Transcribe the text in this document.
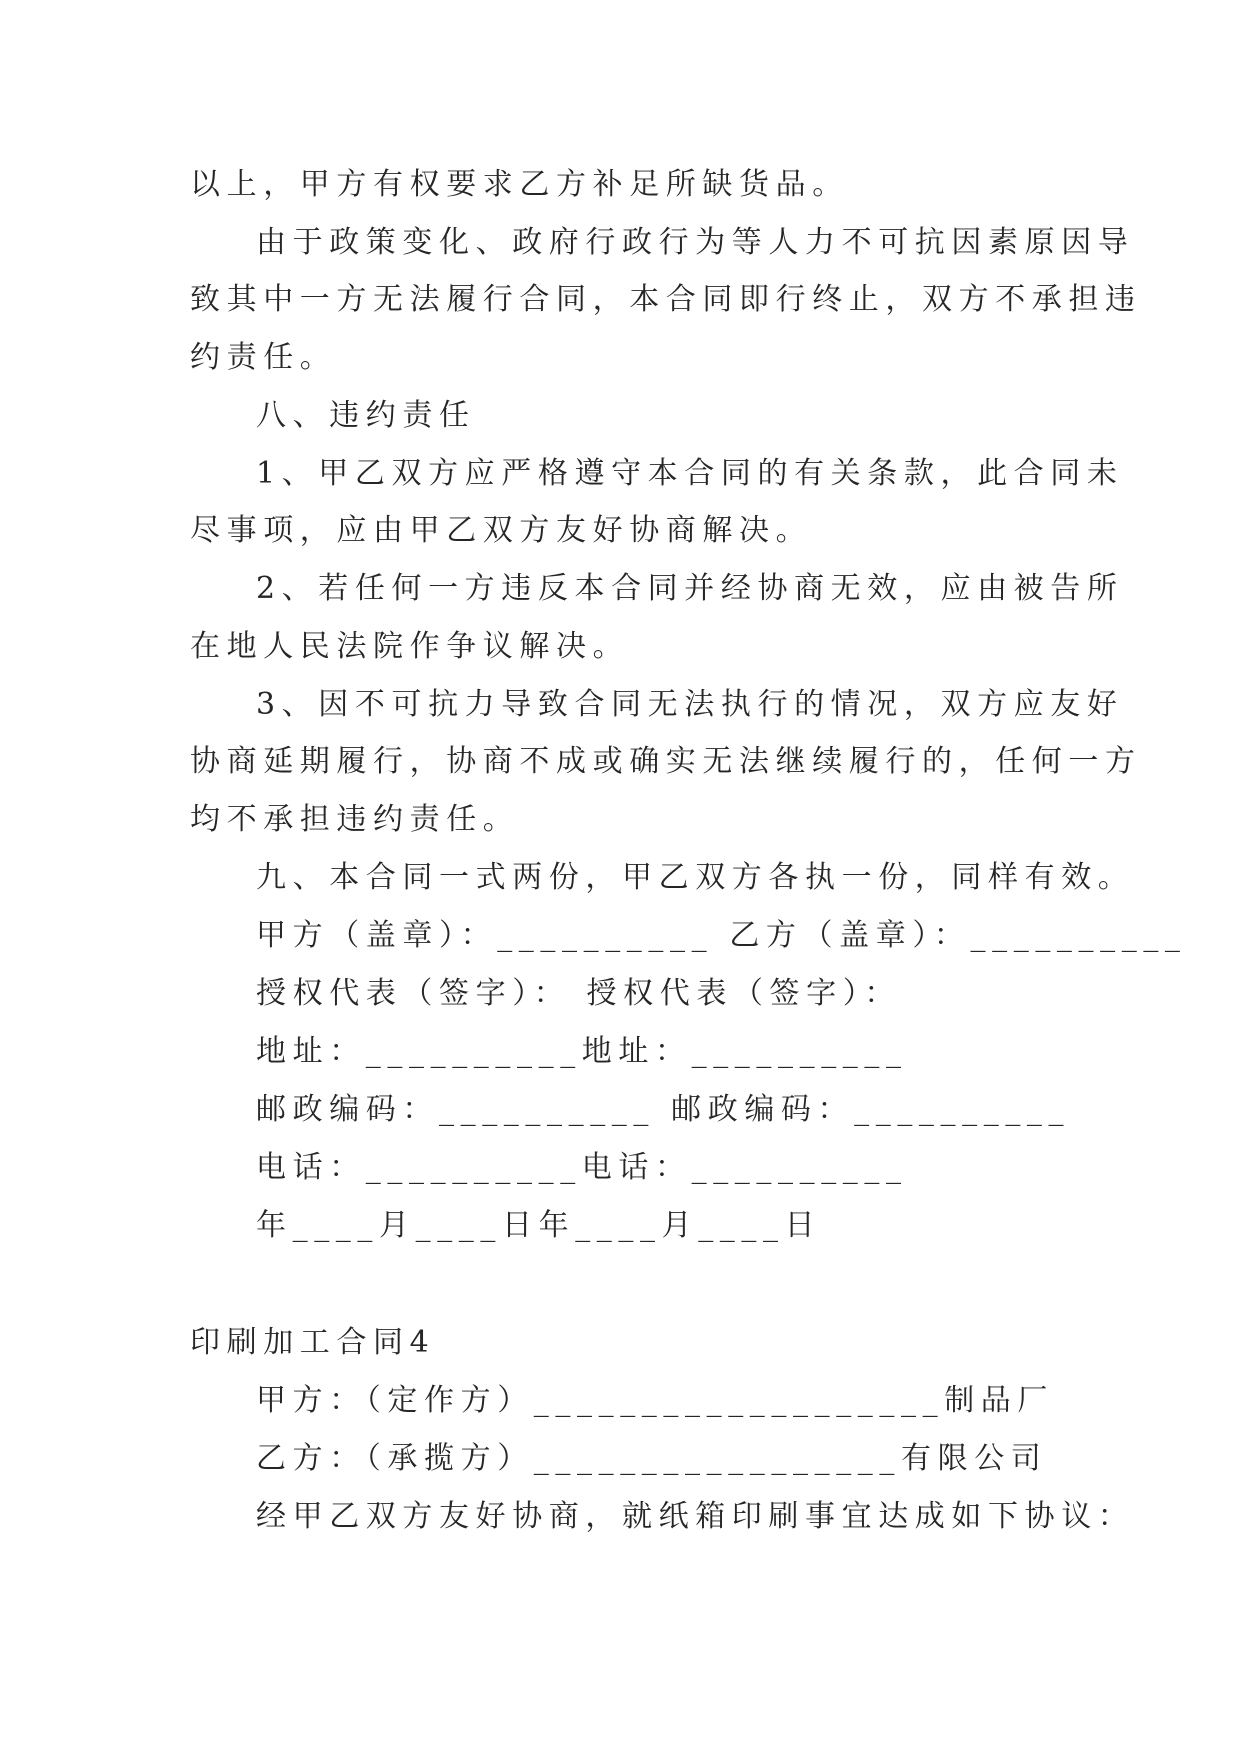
以上，甲方有权要求乙方补足所缺货品。
由于政策变化、政府行政行为等人力不可抗因素原因导
致其中一方无法履行合同，本合同即行终止，双方不承担违
约责任。
八、违约责任
1、甲乙双方应严格遵守本合同的有关条款，此合同未
尽事项，应由甲乙双方友好协商解决。
2、若任何一方违反本合同并经协商无效，应由被告所
在地人民法院作争议解决。
3、因不可抗力导致合同无法执行的情况，双方应友好
协商延期履行，协商不成或确实无法继续履行的，任何一方
均不承担违约责任。
九、本合同一式两份，甲乙双方各执一份，同样有效。
甲方（盖章）：__________ 乙方（盖章）：__________
授权代表（签字）： 授权代表（签字）：
地址：__________地址：__________
邮政编码：__________ 邮政编码：__________
电话：__________电话：__________
年____月____日年____月____日
印刷加工合同4
甲方：（定作方）___________________制品厂
乙方：（承揽方）_________________有限公司
经甲乙双方友好协商，就纸箱印刷事宜达成如下协议：
